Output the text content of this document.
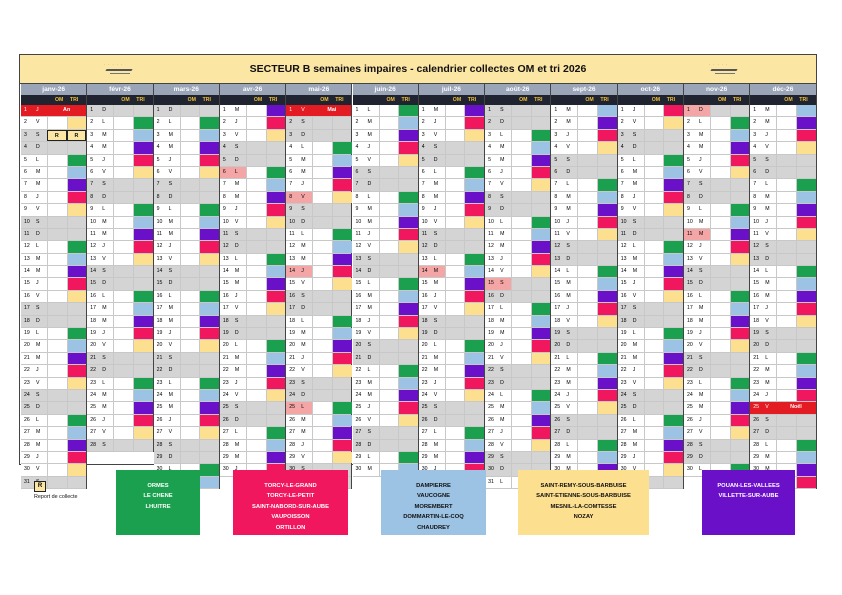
. . . . .	SECTEUR B semaines impaires - calendrier collectes OM et tri 2026	. . . . .
janv-26
OM TRI
1	J	An
2	V
3	S	R	R
4	D
5	L
6	M
7	M
8	J
9	V
10	S
11	D
12	L
13	M
14	M
15	J
16	V
17	S
18	D
19	L
20	M
21	M
22	J
23	V
24	S
25	D
26	L
27	M
28	M
29	J
30	V
31
févr-26
OM TRI
1	D
2	L
3	M
4	M
5	J
6	V
7	S
8	D
9	L
10	M
11	M
12	J
13	V
14	S
15	D
16	L
17	M
18	M
19	J
20	V
21	S
22	D
23	L
24	M
25	M
26	J
27	V
28	S
mars-26
OM TRI
1	D
2	L
3	M
4	M
5	J
6	V
7	S
8	D
9	L
10	M
11	M
12	J
13	V
14	S
15	D
16	L
17	M
18	M
19	J
20	V
21	S
22	D
23	L
24	M
25	M
26	J
27	V
28	S
29	D
avr-26
OM TRI
1	M
2	J
3	V
4	S
5	D
6	L
7	M
8	M
9	J
10	V
11	S
12	D
13	L
14	M
15	M
16	J
17	V
18	S
19	D
20	L
21	M
22	M
23	J
24	V
25	S
26	D
27	L
28	M
29	M
30
mai-26
OM TRI
1	V	Mai
2	S
3	D
4	L
5	M
6	M
7	J
8	V
9	S
10	D
11	L
12	M
13	M
14	J
15	V
16	S
17	D
18	L
19	M
20	M
21	J
22	V
23	S
24	D
25	L
26	M
27	M
28	J
29	V
juin-26
OM TRI
1	L
2	M
3	M
4	J
5	V
6	S
7	D
8	L
9	M
10	M
11	J
12	V
13	S
14	D
15	L
16	M
17	M
18	J
19	V
20	S
21	D
22	L
23	M
24	M
25	J
26	V
27	S
28	D
29	L
30	M
juil-26
OM TRI
1	M
2	J
3	V
4	S
5	D
6	L
7	M
8	M
9	J
10	V
11	S
12	D
13	L
14	M
15	M
16	J
17	V
18	S
19	D
20	L
21	M
22	M
23	J
24	V
25	S
26	D
27	L
28	M
29	M
août-26
OM TRI
1	S
2	D
3	L
4	M
5	M
6	J
7	V
8	S
9	D
10	L
11	M
12	M
13	J
14	V
15	S
16	D
17	L
18	M
19	M
20	J
21	V
22	S
23	D
24	L
25	M
26	M
27	J
28	V
29	S
30	D
31	L
sept-26
OM TRI
1	M
2	M
3	J
4	V
5	S
6	D
7	L
8	M
9	M
10	J
11	V
12	S
13	D
14	L
15	M
16	M
17	J
18	V
19	S
20	D
21	L
22	M
23	M
24	J
25	V
26	S
27	D
28	L
29	M
oct-26
OM TRI
1	J
2	V
3	S
4	D
5	L
6	M
7	M
8	J
9	V
10	S
11	D
12	L
13	M
14	M
15	J
16	V
17	S
18	D
19	L
20	M
21	M
22	J
23	V
24	S
25	D
26	L
27	M
28	M
29	J
nov-26
OM TRI
1	D
2	L
3	M
4	M
5	J
6	V
7	S
8	D
9	L
10	M
11	M
12	J
13	V
14	S
15	D
16	L
17	M
18	M
19	J
20	V
21	S
22	D
23	L
24	M
25	M
26	J
27	V
28	S
29	D
30	L
déc-26
OM TRI
1	M
2	M
3	J
4	V
5	S
6	D
7	L
8	M
9	M
10	J
11	V
12	S
13	D
14	L
15	M
16	M
17	J
18	V
19	S
20	D
21	L
22	M
23	M
24	J
25	V	Noël
26	S
27	D
28	L
29	M
R
Report de collecte
ORMES
LE CHENE
LHUITRE
TORCY-LE-GRAND
TORCY-LE-PETIT
SAINT-NABORD-SUR-AUBE
VAUPOISSON
ORTILLON
DAMPIERRE
VAUCOGNE
MOREMBERT
DOMMARTIN-LE-COQ
CHAUDREY
SAINT-REMY-SOUS-BARBUISE
SAINT-ETIENNE-SOUS-BARBUISE
MESNIL-LA-COMTESSE
NOZAY
POUAN-LES-VALLEES
VILLETTE-SUR-AUBE
